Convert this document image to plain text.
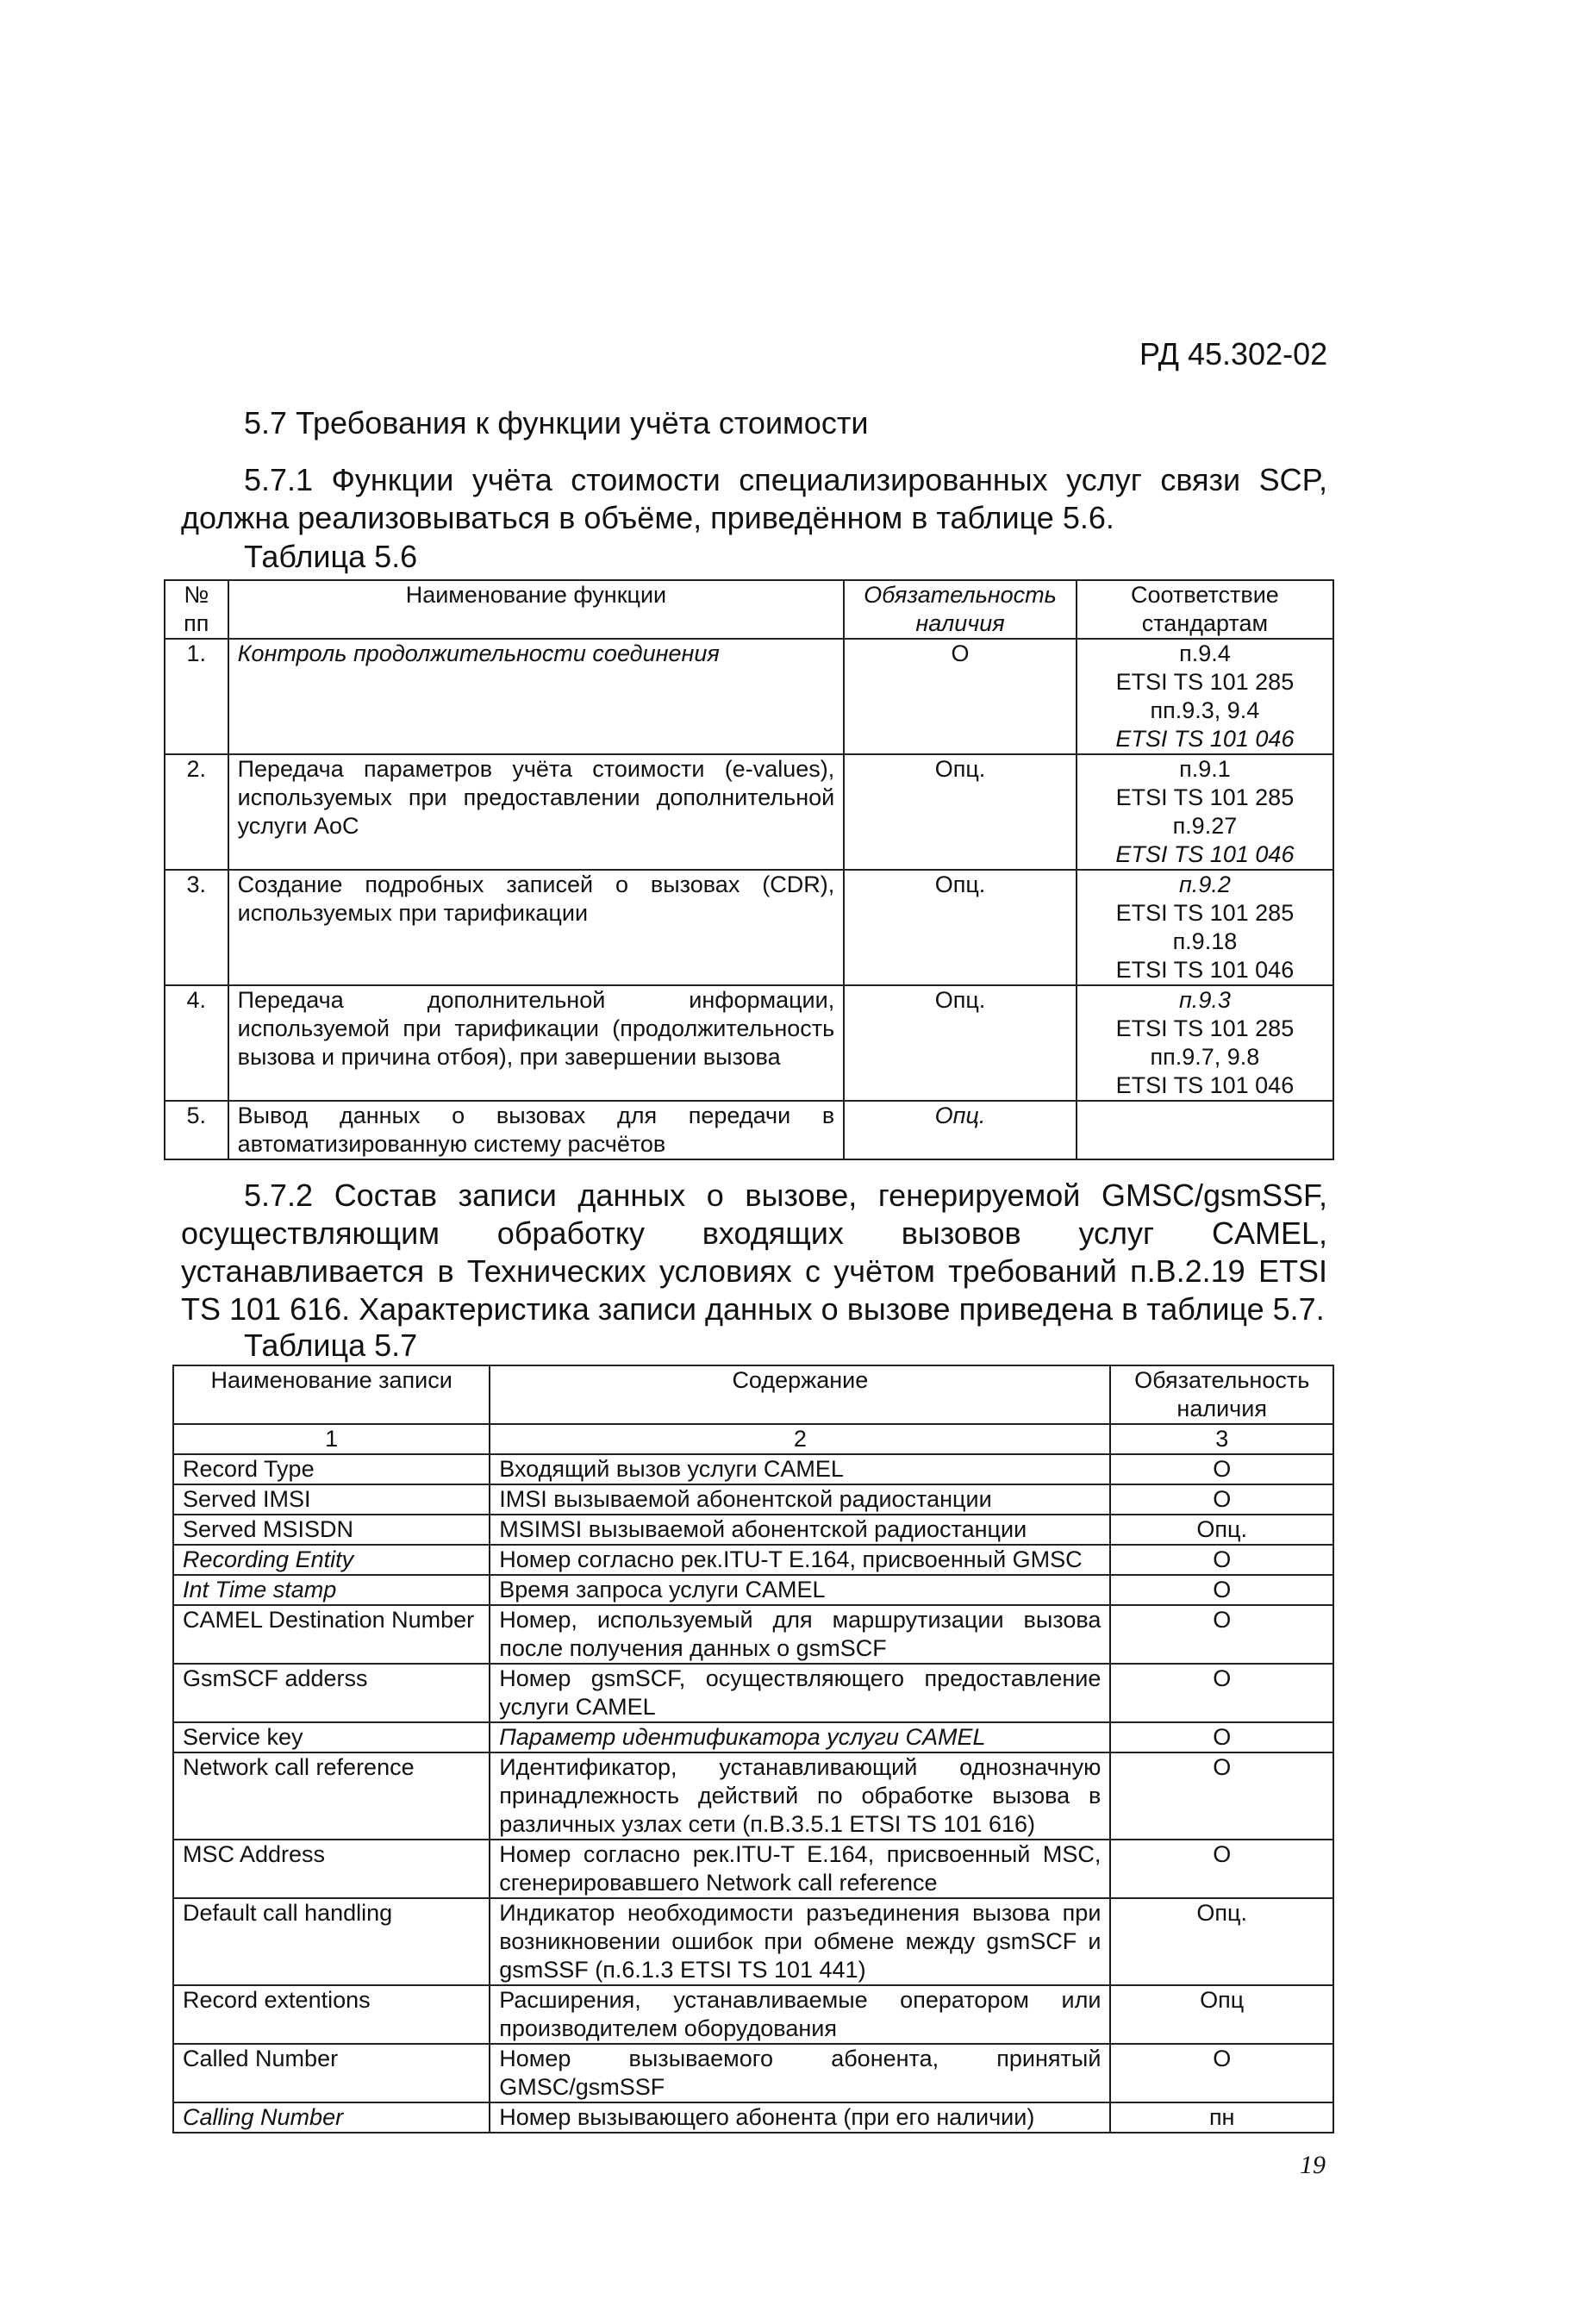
РД 45.302-02
5.7 Требования к функции учёта стоимости
5.7.1 Функции учёта стоимости специализированных услуг связи SCP, должна реализовываться в объёме, приведённом в таблице 5.6.
Таблица 5.6
№ пп	Наименование функции	Обязательность наличия	Соответствие стандартам
1.	Контроль продолжительности соединения	О	п.9.4
ETSI TS 101 285
пп.9.3, 9.4
ETSI TS 101 046

2.	Передача параметров учёта стоимости (e-values), используемых при предоставлении дополнительной услуги AoC	Опц.	п.9.1
ETSI TS 101 285
п.9.27
ETSI TS 101 046

3.	Создание подробных записей о вызовах (CDR), используемых при тарификации	Опц.	п.9.2
ETSI TS 101 285
п.9.18
ETSI TS 101 046

4.	Передача дополнительной информации, используемой при тарификации (продолжительность вызова и причина отбоя), при завершении вызова	Опц.	п.9.3
ETSI TS 101 285
пп.9.7, 9.8
ETSI TS 101 046

5.	Вывод данных о вызовах для передачи в автоматизированную систему расчётов	Опц.	
5.7.2 Состав записи данных о вызове, генерируемой GMSC/gsmSSF, осуществляющим обработку входящих вызовов услуг CAMEL, устанавливается в Технических условиях с учётом требований п.В.2.19 ETSI TS 101 616. Характеристика записи данных о вызове приведена в таблице 5.7.
Таблица 5.7
Наименование записи	Содержание	Обязательность наличия
1	2	3
Record Type	Входящий вызов услуги CAMEL	О
Served IMSI	IMSI вызываемой абонентской радиостанции	О
Served MSISDN	MSIMSI вызываемой абонентской радиостанции	Опц.
Recording Entity	Номер согласно рек.ITU-T E.164, присвоенный GMSC	О
Int Time stamp	Время запроса услуги CAMEL	О
CAMEL Destination Number	Номер, используемый для маршрутизации вызова после получения данных о gsmSCF	О
GsmSCF adderss	Номер gsmSCF, осуществляющего предоставление услуги CAMEL	О
Service key	Параметр идентификатора услуги CAMEL	О
Network call reference	Идентификатор, устанавливающий однозначную принадлежность действий по обработке вызова в различных узлах сети (п.В.3.5.1 ETSI TS 101 616)	О
MSC Address	Номер согласно рек.ITU-T E.164, присвоенный MSC, сгенерировавшего Network call reference	О
Default call handling	Индикатор необходимости разъединения вызова при возникновении ошибок при обмене между gsmSCF и gsmSSF (п.6.1.3 ETSI TS 101 441)	Опц.
Record extentions	Расширения, устанавливаемые оператором или производителем оборудования	Опц
Called Number	Номер вызываемого абонента, принятый GMSC/gsmSSF	О
Calling Number	Номер вызывающего абонента (при его наличии)	пн
19
